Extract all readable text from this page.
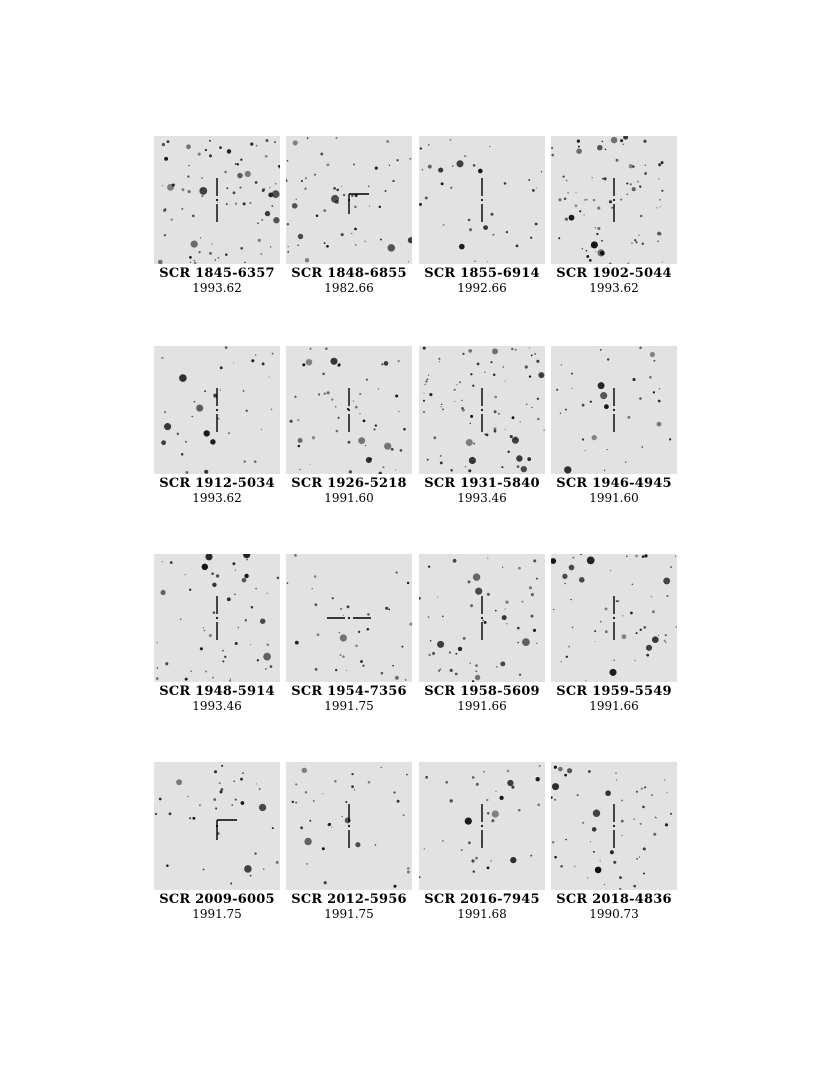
SCR 1845-6357
1993.62
SCR 1848-6855
1982.66
SCR 1855-6914
1992.66
SCR 1902-5044
1993.62
SCR 1912-5034
1993.62
SCR 1926-5218
1991.60
SCR 1931-5840
1993.46
SCR 1946-4945
1991.60
SCR 1948-5914
1993.46
SCR 1954-7356
1991.75
SCR 1958-5609
1991.66
SCR 1959-5549
1991.66
SCR 2009-6005
1991.75
SCR 2012-5956
1991.75
SCR 2016-7945
1991.68
SCR 2018-4836
1990.73
